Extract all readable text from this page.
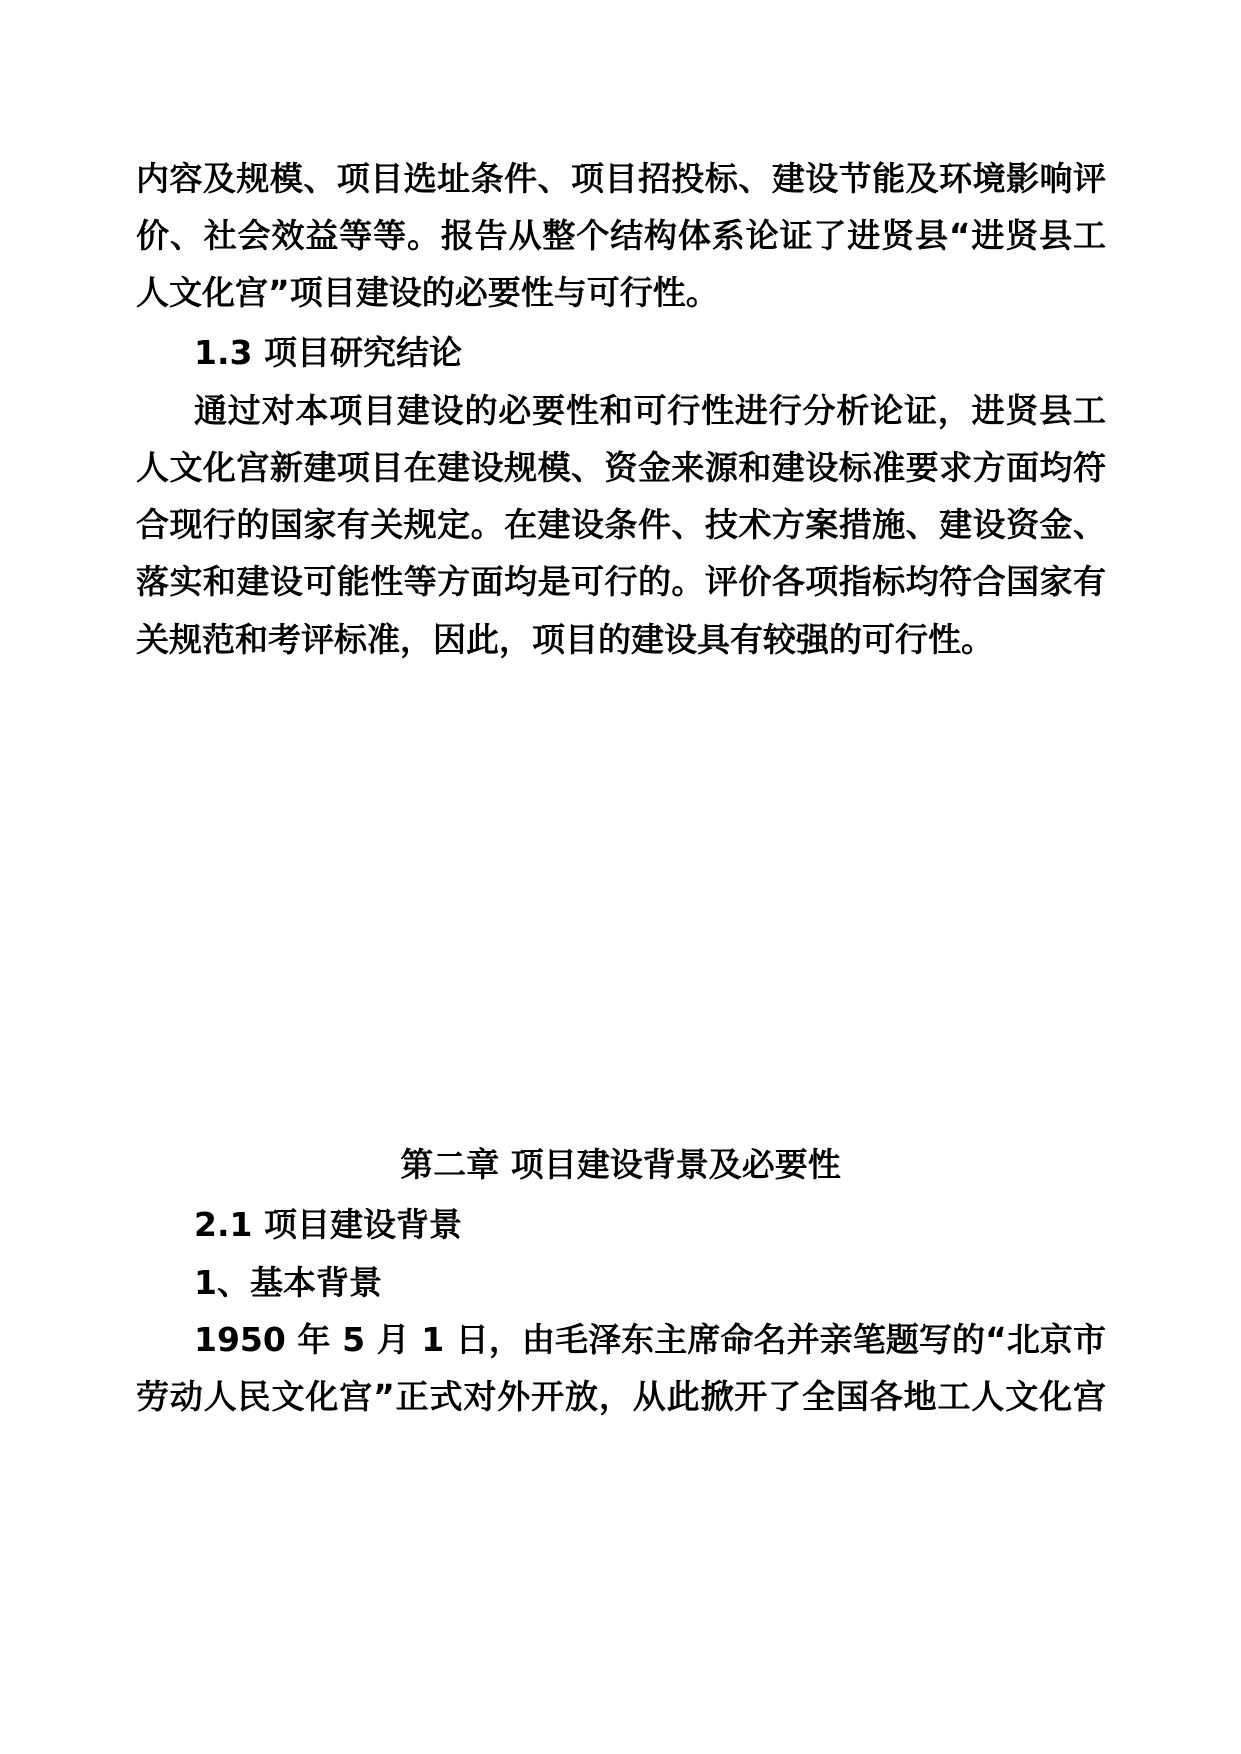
内容及规模、项目选址条件、项目招投标、建设节能及环境影响评
价、社会效益等等。报告从整个结构体系论证了进贤县“进贤县工
人文化宫”项目建设的必要性与可行性。
1.3 项目研究结论
通过对本项目建设的必要性和可行性进行分析论证，进贤县工
人文化宫新建项目在建设规模、资金来源和建设标准要求方面均符
合现行的国家有关规定。在建设条件、技术方案措施、建设资金、
落实和建设可能性等方面均是可行的。评价各项指标均符合国家有
关规范和考评标准，因此，项目的建设具有较强的可行性。
第二章 项目建设背景及必要性
2.1 项目建设背景
1、基本背景
1950 年 5 月 1 日，由毛泽东主席命名并亲笔题写的“北京市
劳动人民文化宫”正式对外开放，从此掀开了全国各地工人文化宫
